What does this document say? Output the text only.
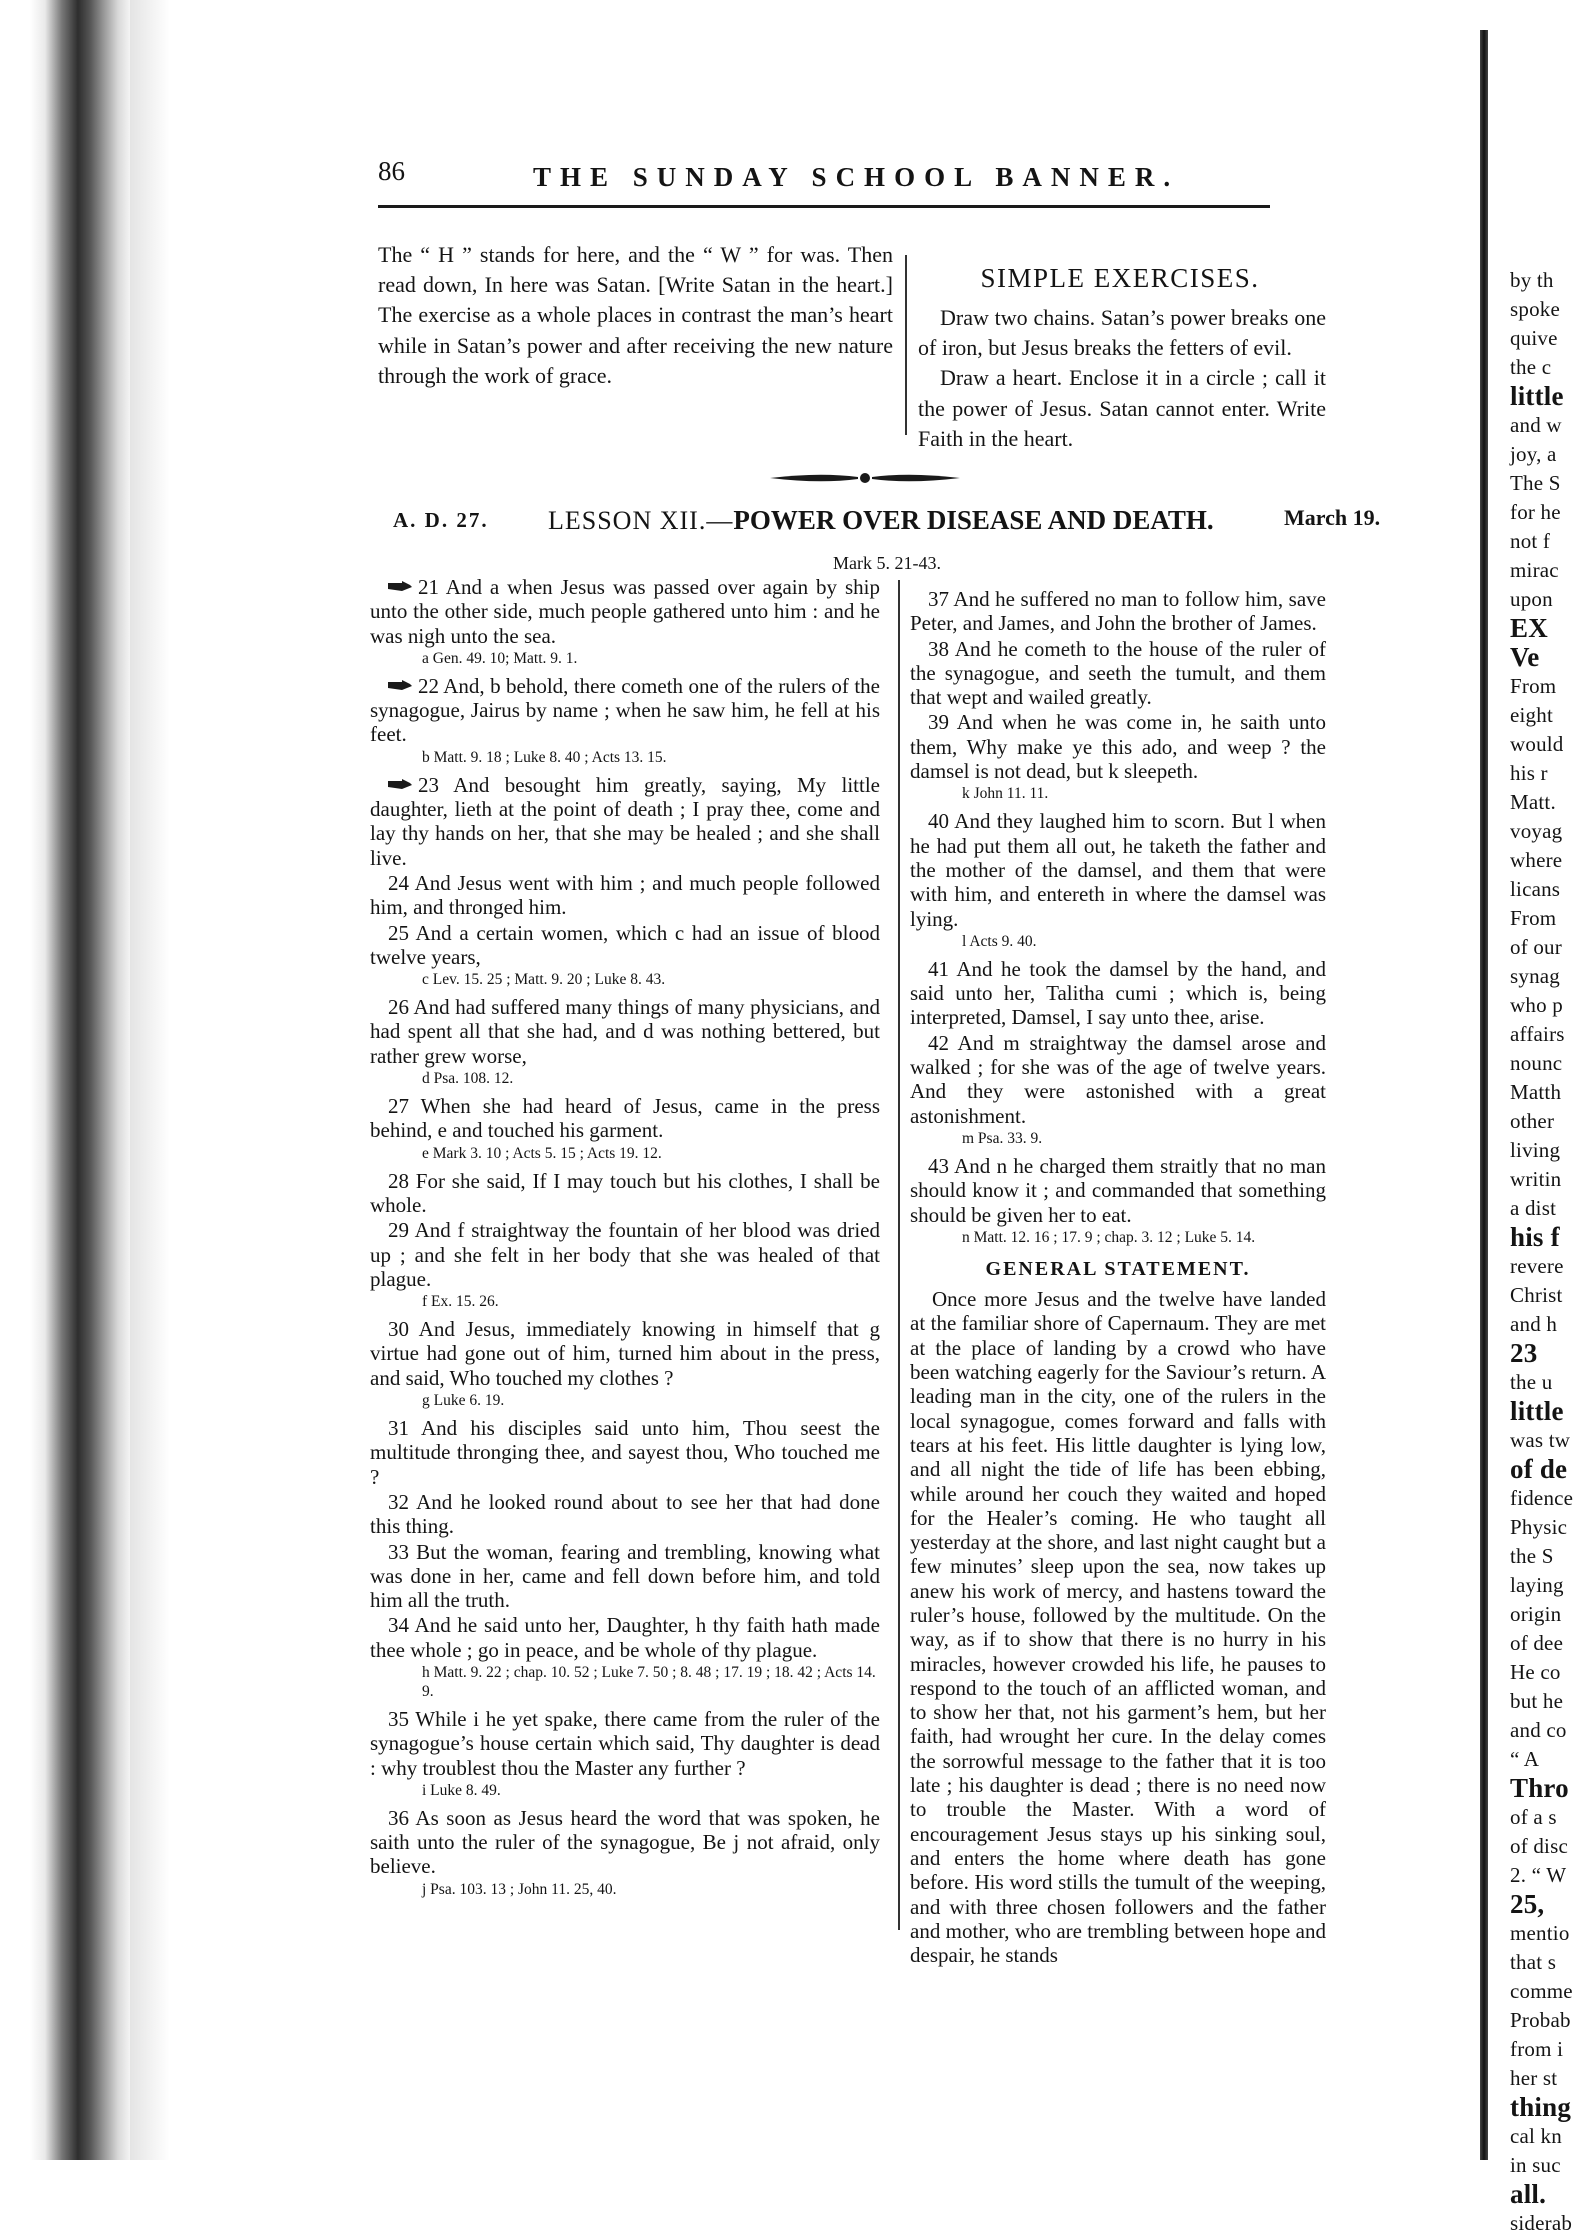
86	THE SUNDAY SCHOOL BANNER.
The “ H ” stands for here, and the “ W ” for was. Then read down, In here was Satan. [Write Satan in the heart.] The exercise as a whole places in contrast the man’s heart while in Satan’s power and after receiving the new nature through the work of grace.
SIMPLE EXERCISES.
Draw two chains. Satan’s power breaks one of iron, but Jesus breaks the fetters of evil.
Draw a heart. Enclose it in a circle ; call it the power of Jesus. Satan cannot enter. Write Faith in the heart.
A. D. 27. LESSON XII.—POWER OVER DISEASE AND DEATH.	March 19.
Mark 5. 21-43.
21 And a when Jesus was passed over again by ship unto the other side, much people gathered unto him : and he was nigh unto the sea.
a Gen. 49. 10; Matt. 9. 1.
22 And, b behold, there cometh one of the rulers of the synagogue, Jairus by name ; when he saw him, he fell at his feet.
b Matt. 9. 18 ; Luke 8. 40 ; Acts 13. 15.
23 And besought him greatly, saying, My little daughter, lieth at the point of death ; I pray thee, come and lay thy hands on her, that she may be healed ; and she shall live.
24 And Jesus went with him ; and much people followed him, and thronged him.
25 And a certain women, which c had an issue of blood twelve years,
c Lev. 15. 25 ; Matt. 9. 20 ; Luke 8. 43.
26 And had suffered many things of many physicians, and had spent all that she had, and d was nothing bettered, but rather grew worse,
d Psa. 108. 12.
27 When she had heard of Jesus, came in the press behind, e and touched his garment.
e Mark 3. 10 ; Acts 5. 15 ; Acts 19. 12.
28 For she said, If I may touch but his clothes, I shall be whole.
29 And f straightway the fountain of her blood was dried up ; and she felt in her body that she was healed of that plague.
f Ex. 15. 26.
30 And Jesus, immediately knowing in himself that g virtue had gone out of him, turned him about in the press, and said, Who touched my clothes ?
g Luke 6. 19.
31 And his disciples said unto him, Thou seest the multitude thronging thee, and sayest thou, Who touched me ?
32 And he looked round about to see her that had done this thing.
33 But the woman, fearing and trembling, knowing what was done in her, came and fell down before him, and told him all the truth.
34 And he said unto her, Daughter, h thy faith hath made thee whole ; go in peace, and be whole of thy plague.
h Matt. 9. 22 ; chap. 10. 52 ; Luke 7. 50 ; 8. 48 ; 17. 19 ; 18. 42 ; Acts 14. 9.
35 While i he yet spake, there came from the ruler of the synagogue’s house certain which said, Thy daughter is dead : why troublest thou the Master any further ?
i Luke 8. 49.
36 As soon as Jesus heard the word that was spoken, he saith unto the ruler of the synagogue, Be j not afraid, only believe.
j Psa. 103. 13 ; John 11. 25, 40.
37 And he suffered no man to follow him, save Peter, and James, and John the brother of James.
38 And he cometh to the house of the ruler of the synagogue, and seeth the tumult, and them that wept and wailed greatly.
39 And when he was come in, he saith unto them, Why make ye this ado, and weep ? the damsel is not dead, but k sleepeth.
k John 11. 11.
40 And they laughed him to scorn. But l when he had put them all out, he taketh the father and the mother of the damsel, and them that were with him, and entereth in where the damsel was lying.
l Acts 9. 40.
41 And he took the damsel by the hand, and said unto her, Talitha cumi ; which is, being interpreted, Damsel, I say unto thee, arise.
42 And m straightway the damsel arose and walked ; for she was of the age of twelve years. And they were astonished with a great astonishment.
m Psa. 33. 9.
43 And n he charged them straitly that no man should know it ; and commanded that something should be given her to eat.
n Matt. 12. 16 ; 17. 9 ; chap. 3. 12 ; Luke 5. 14.
GENERAL STATEMENT.
Once more Jesus and the twelve have landed at the familiar shore of Capernaum. They are met at the place of landing by a crowd who have been watching eagerly for the Saviour’s return. A leading man in the city, one of the rulers in the local synagogue, comes forward and falls with tears at his feet. His little daughter is lying low, and all night the tide of life has been ebbing, while around her couch they waited and hoped for the Healer’s coming. He who taught all yesterday at the shore, and last night caught but a few minutes’ sleep upon the sea, now takes up anew his work of mercy, and hastens toward the ruler’s house, followed by the multitude. On the way, as if to show that there is no hurry in his miracles, however crowded his life, he pauses to respond to the touch of an afflicted woman, and to show her that, not his garment’s hem, but her faith, had wrought her cure. In the delay comes the sorrowful message to the father that it is too late ; his daughter is dead ; there is no need now to trouble the Master. With a word of encouragement Jesus stays up his sinking soul, and enters the home where death has gone before. His word stills the tumult of the weeping, and with three chosen followers and the father and mother, who are trembling between hope and despair, he stands
by th
spoke
quive
the c
little
and w
joy, a
The S
for he
not f
mirac
upon
EX
Ve
From
eight
would
his r
Matt.
voyag
where
licans
From
of our
synag
who p
affairs
nounc
Matth
other
living
writin
a dist
his f
revere
Christ
and h
23
the u
little
was tw
of de
fidence
Physic
the S
laying
origin
of dee
He co
but he
and co
“ A
Thro
of a s
of disc
2. “ W
25,
mentio
that s
comme
Probab
from i
her st
thing
cal kn
in suc
all.
siderab
